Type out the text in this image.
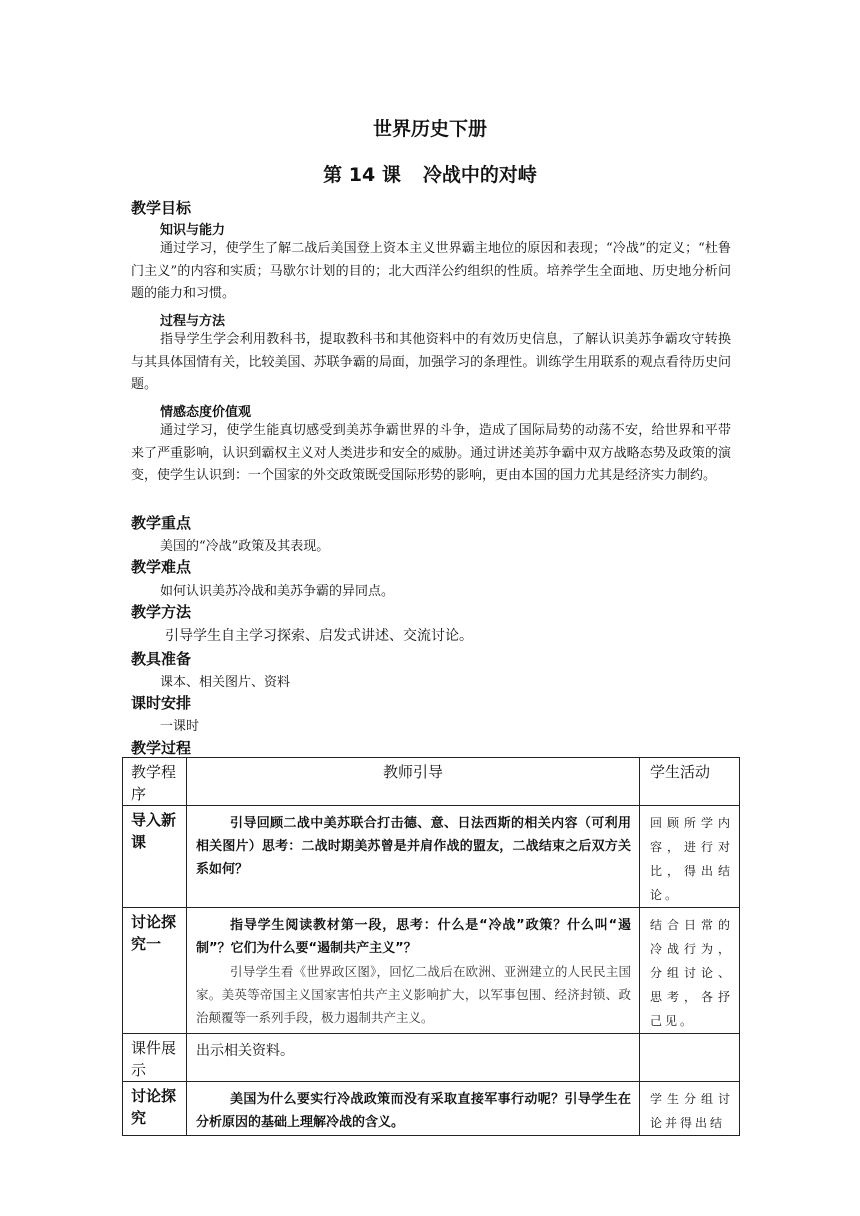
世界历史下册
第 14 课 冷战中的对峙
教学目标
知识与能力
通过学习，使学生了解二战后美国登上资本主义世界霸主地位的原因和表现；“冷战”的定义；“杜鲁门主义”的内容和实质；马歇尔计划的目的；北大西洋公约组织的性质。培养学生全面地、历史地分析问题的能力和习惯。
过程与方法
指导学生学会利用教科书，提取教科书和其他资料中的有效历史信息，了解认识美苏争霸攻守转换与其具体国情有关，比较美国、苏联争霸的局面，加强学习的条理性。训练学生用联系的观点看待历史问题。
情感态度价值观
通过学习，使学生能真切感受到美苏争霸世界的斗争，造成了国际局势的动荡不安，给世界和平带来了严重影响，认识到霸权主义对人类进步和安全的威胁。通过讲述美苏争霸中双方战略态势及政策的演变，使学生认识到：一个国家的外交政策既受国际形势的影响，更由本国的国力尤其是经济实力制约。
教学重点
美国的“冷战”政策及其表现。
教学难点
如何认识美苏冷战和美苏争霸的异同点。
教学方法
引导学生自主学习探索、启发式讲述、交流讨论。
教具准备
课本、相关图片、资料
课时安排
一课时
教学过程
教学程序	教师引导	学生活动
导入新课	引导回顾二战中美苏联合打击德、意、日法西斯的相关内容（可利用相关图片）思考：二战时期美苏曾是并肩作战的盟友，二战结束之后双方关系如何？	回顾所学内容，进行对比，得出结论。
讨论探究一	指导学生阅读教材第一段，思考：什么是“冷战”政策？什么叫“遏制”？它们为什么要“遏制共产主义”？
引导学生看《世界政区图》，回忆二战后在欧洲、亚洲建立的人民民主国家。美英等帝国主义国家害怕共产主义影响扩大，以军事包围、经济封锁、政治颠覆等一系列手段，极力遏制共产主义。	结合日常的冷战行为，分组讨论、思考，各抒己见。
课件展示	出示相关资料。	

讨论探究	美国为什么要实行冷战政策而没有采取直接军事行动呢？引导学生在分析原因的基础上理解冷战的含义。	学生分组讨论并得出结
